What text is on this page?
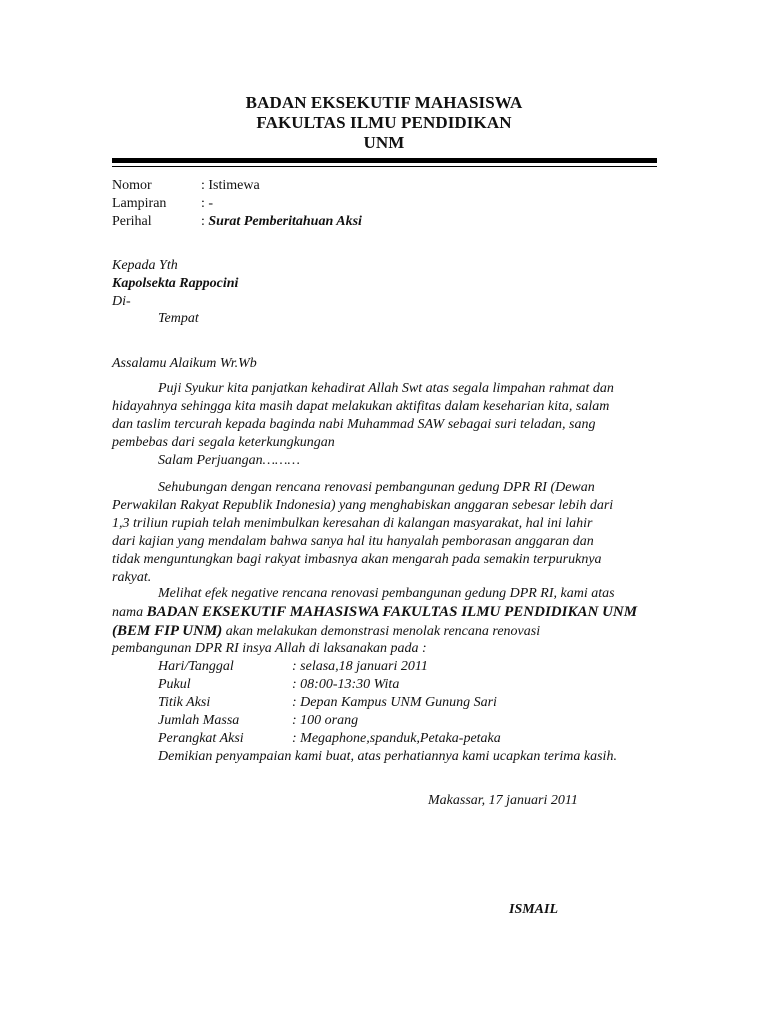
BADAN EKSEKUTIF MAHASISWA
FAKULTAS ILMU PENDIDIKAN
UNM
Nomor	: Istimewa
Lampiran : -
Perihal	: Surat Pemberitahuan Aksi
Kepada Yth
Kapolsekta Rappocini
Di-
Tempat
Assalamu Alaikum Wr.Wb
Puji Syukur kita panjatkan kehadirat Allah Swt atas segala limpahan rahmat dan
hidayahnya sehingga kita masih dapat melakukan aktifitas dalam keseharian kita, salam
dan taslim tercurah kepada baginda nabi Muhammad SAW sebagai suri teladan, sang
pembebas dari segala keterkungkungan
Salam Perjuangan………
Sehubungan dengan rencana renovasi pembangunan gedung DPR RI (Dewan
Perwakilan Rakyat Republik Indonesia) yang menghabiskan anggaran sebesar lebih dari
1,3 triliun rupiah telah menimbulkan keresahan di kalangan masyarakat, hal ini lahir
dari kajian yang mendalam bahwa sanya hal itu hanyalah pemborasan anggaran dan
tidak menguntungkan bagi rakyat imbasnya akan mengarah pada semakin terpuruknya
rakyat.
Melihat efek negative rencana renovasi pembangunan gedung DPR RI, kami atas
nama BADAN EKSEKUTIF MAHASISWA FAKULTAS ILMU PENDIDIKAN UNM
(BEM FIP UNM) akan melakukan demonstrasi menolak rencana renovasi
pembangunan DPR RI insya Allah di laksanakan pada :
Hari/Tanggal	: selasa,18 januari 2011
Pukul	: 08:00-13:30 Wita
Titik Aksi	: Depan Kampus UNM Gunung Sari
Jumlah Massa	: 100 orang
Perangkat Aksi	: Megaphone,spanduk,Petaka-petaka
Demikian penyampaian kami buat, atas perhatiannya kami ucapkan terima kasih.
Makassar, 17 januari 2011
ISMAIL
